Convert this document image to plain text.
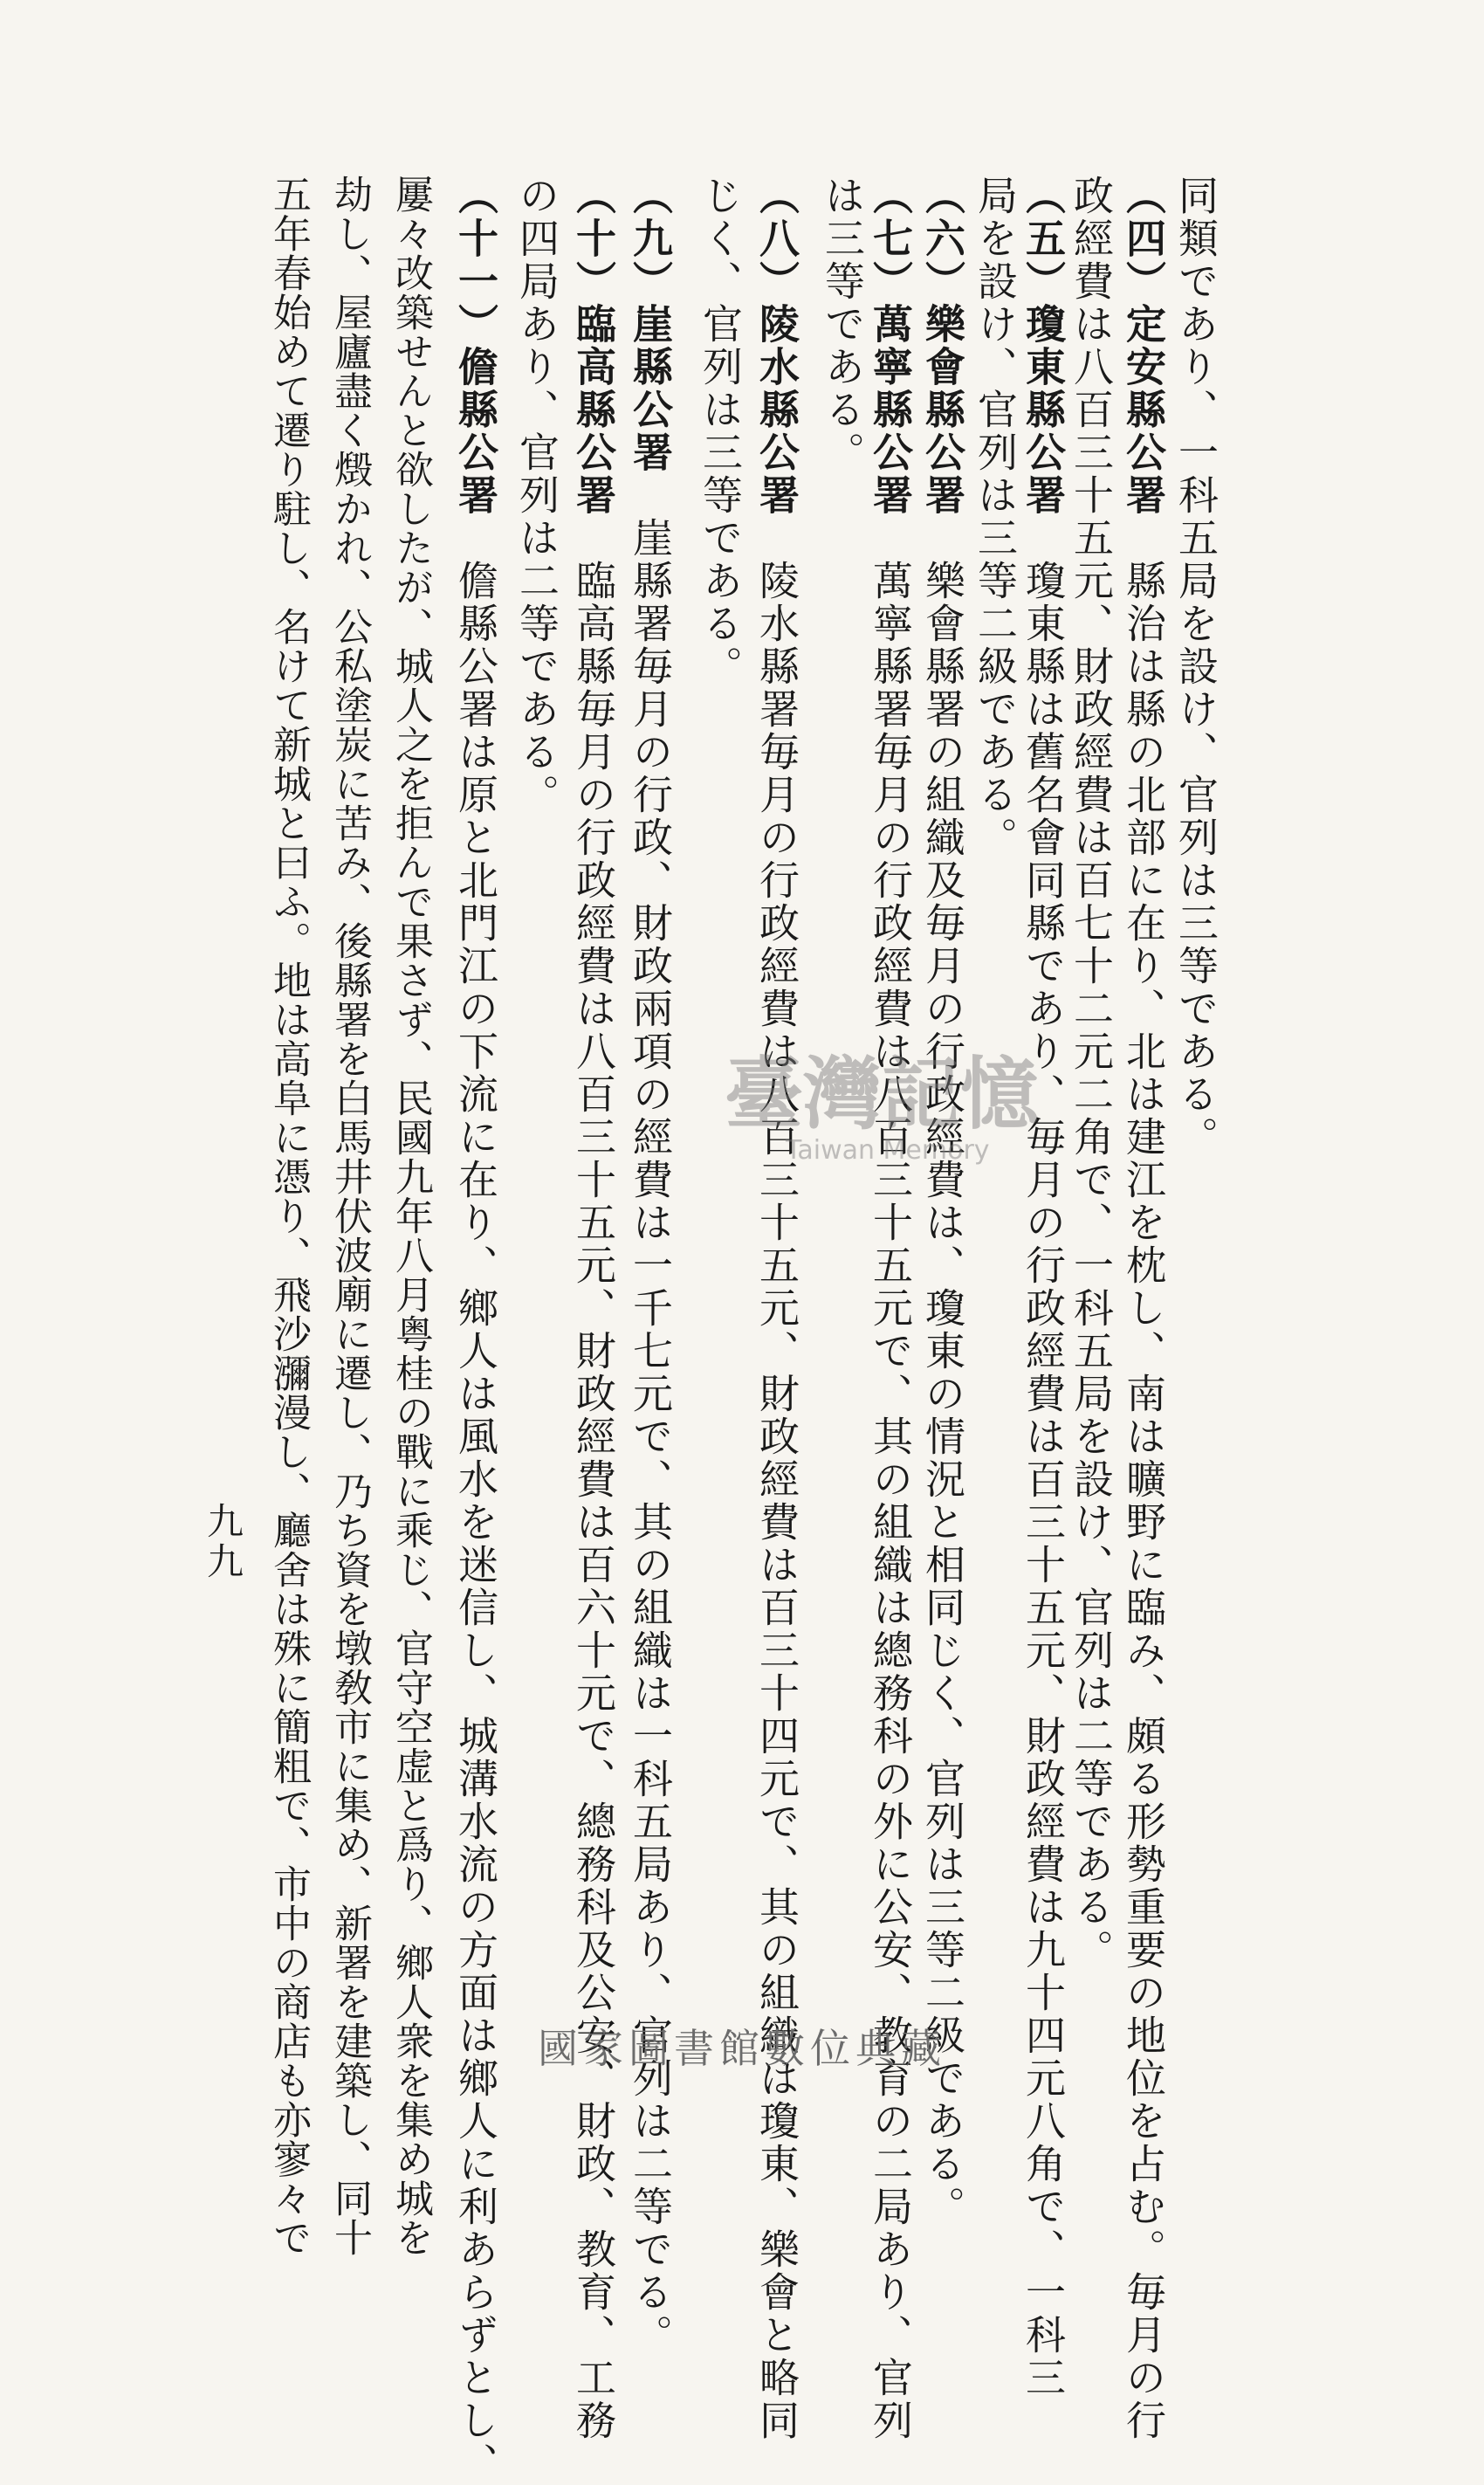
同類であり、一科五局を設け、官列は三等である。
（四）定安縣公署　縣治は縣の北部に在り、北は建江を枕し、南は曠野に臨み、頗る形勢重要の地位を占む。毎月の行
政經費は八百三十五元、財政經費は百七十二元二角で、一科五局を設け、官列は二等である。
（五）瓊東縣公署　瓊東縣は舊名會同縣であり、毎月の行政經費は百三十五元、財政經費は九十四元八角で、一科三
局を設け、官列は三等二級である。
（六）樂會縣公署　樂會縣署の組織及毎月の行政經費は、瓊東の情況と相同じく、官列は三等二級である。
（七）萬寧縣公署　萬寧縣署毎月の行政經費は八百三十五元で、其の組織は總務科の外に公安、教育の二局あり、官列
は三等である。
（八）陵水縣公署　陵水縣署毎月の行政經費は八百三十五元、財政經費は百三十四元で、其の組織は瓊東、樂會と略同
じく、官列は三等である。
（九）崖縣公署　崖縣署毎月の行政、財政兩項の經費は一千七元で、其の組織は一科五局あり、官列は二等でる。
（十）臨高縣公署　臨高縣毎月の行政經費は八百三十五元、財政經費は百六十元で、總務科及公安、財政、教育、工務
の四局あり、官列は二等である。
（十一）儋縣公署　儋縣公署は原と北門江の下流に在り、鄉人は風水を迷信し、城溝水流の方面は鄉人に利あらずとし、
屢々改築せんと欲したが、城人之を拒んで果さず、民國九年八月粤桂の戰に乘じ、官守空虚と爲り、鄉人衆を集め城を
劫し、屋廬盡く燬かれ、公私塗炭に苦み、後縣署を白馬井伏波廟に遷し、乃ち資を墩敎市に集め、新署を建築し、同十
五年春始めて遷り駐し、名けて新城と曰ふ。地は高阜に憑り、飛沙瀰漫し、廳舍は殊に簡粗で、市中の商店も亦寥々で
九九
臺灣記憶
Taiwan Memory
國家圖書館數位典藏
